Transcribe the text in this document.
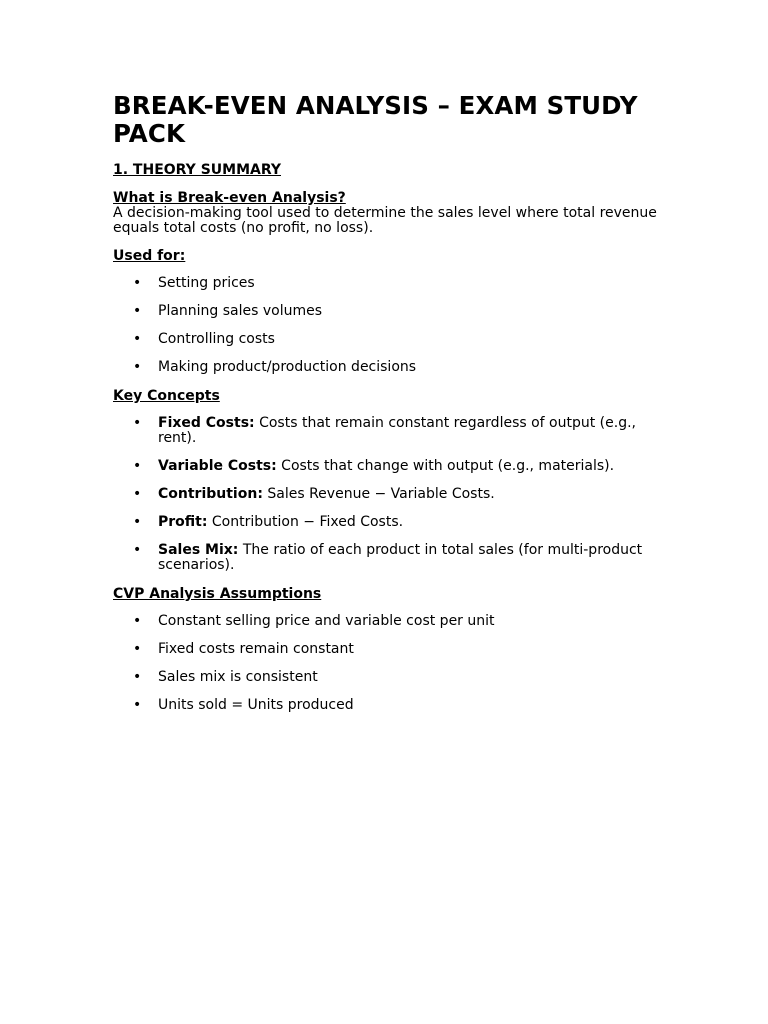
BREAK-EVEN ANALYSIS – EXAM STUDY PACK
1. THEORY SUMMARY
What is Break-even Analysis?

A decision-making tool used to determine the sales level where total revenue equals total costs (no profit, no loss).

Used for:
• Setting prices
• Planning sales volumes
• Controlling costs
• Making product/production decisions
Key Concepts
• Fixed Costs: Costs that remain constant regardless of output (e.g., rent).
• Variable Costs: Costs that change with output (e.g., materials).
• Contribution: Sales Revenue − Variable Costs.
• Profit: Contribution − Fixed Costs.
• Sales Mix: The ratio of each product in total sales (for multi-product scenarios).
CVP Analysis Assumptions
• Constant selling price and variable cost per unit
• Fixed costs remain constant
• Sales mix is consistent
• Units sold = Units produced
